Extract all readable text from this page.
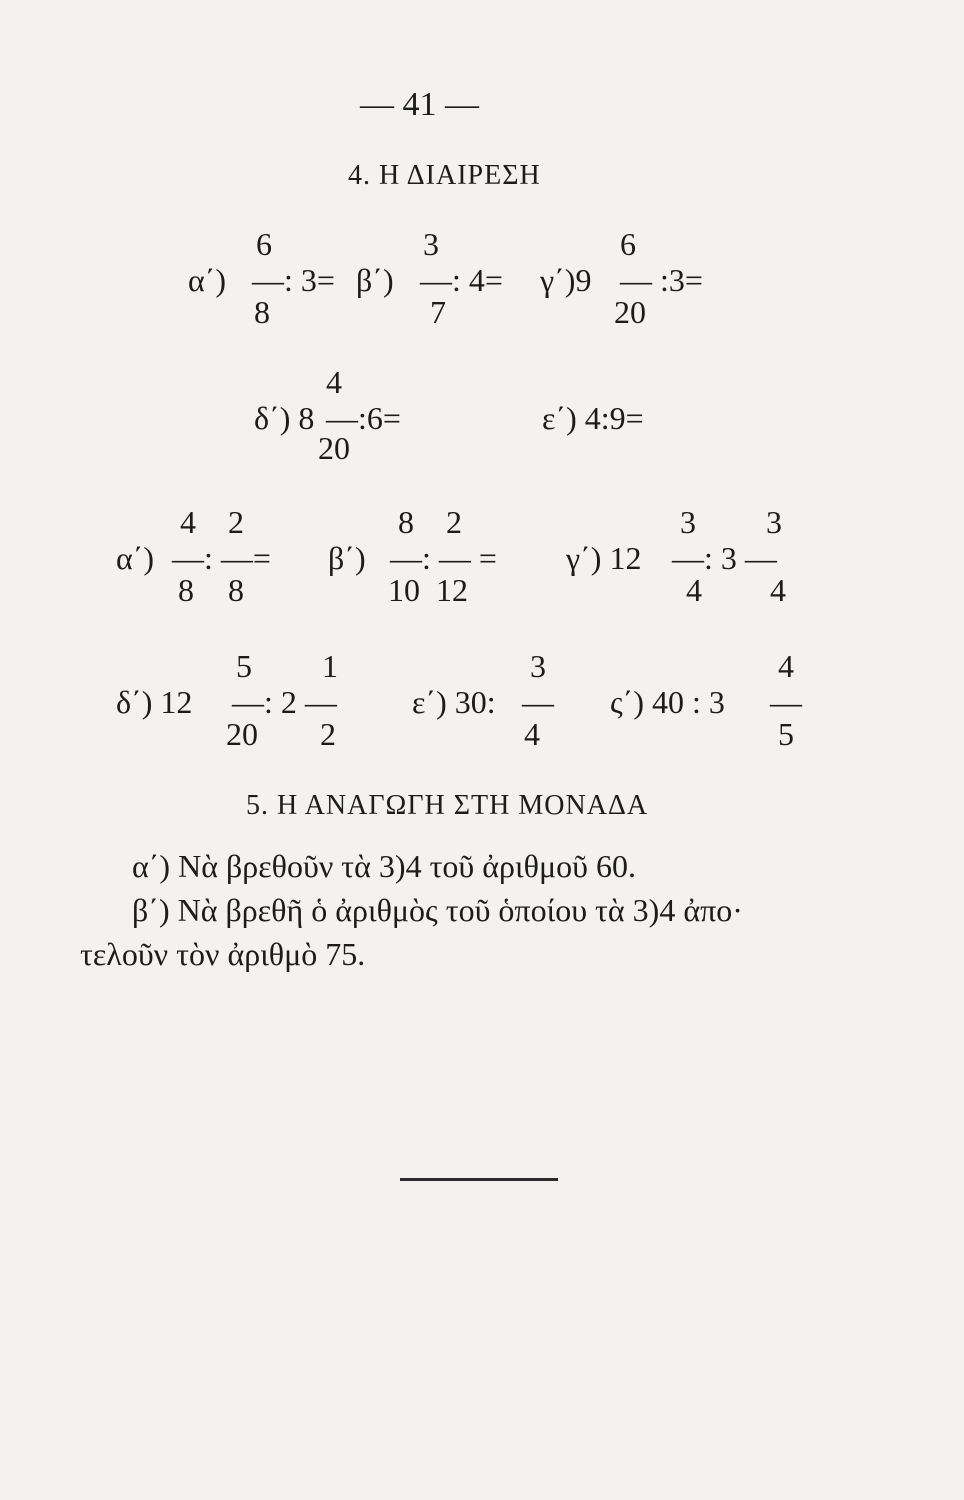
— 41 —
4. Η ΔΙΑΙΡΕΣΗ
6
α΄) —: 3=
8
3
β΄) —: 4=
7
6
γ΄)9 — :3=
20
4
δ΄) 8 —:6=
20
ε΄) 4:9=
4 2
α΄) —: —=
8 8
8 2
β΄) —: — =
10 12
3 3
γ΄) 12 —: 3 —
4 4
5 1
δ΄) 12 —: 2 —
20 2
3
ε΄) 30: —
4
4
ς΄) 40 : 3 —
5
5. Η ΑΝΑΓΩΓΗ ΣΤΗ ΜΟΝΑΔΑ
α΄) Νὰ βρεθοῦν τὰ 3)4 τοῦ ἀριθμοῦ 60.
β΄) Νὰ βρεθῆ ὁ ἀριθμὸς τοῦ ὁποίου τὰ 3)4 ἀπο·
τελοῦν τὸν ἀριθμὸ 75.
